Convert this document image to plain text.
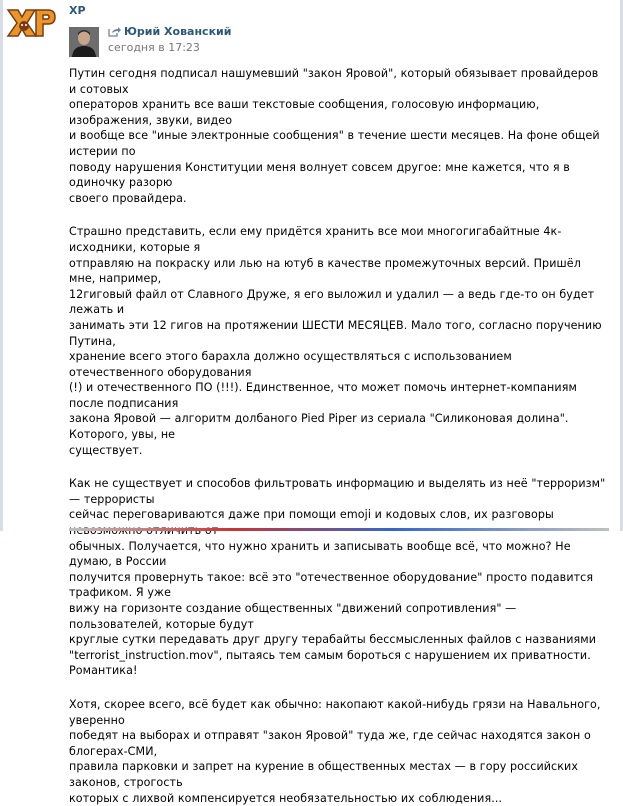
XP
Юрий Хованский
сегодня в 17:23

Путин сегодня подписал нашумевший "закон Яровой", который обязывает провайдеров и сотовых
операторов хранить все ваши текстовые сообщения, голосовую информацию, изображения, звуки, видео
и вообще все "иные электронные сообщения" в течение шести месяцев. На фоне общей истерии по
поводу нарушения Конституции меня волнует совсем другое: мне кажется, что я в одиночку разорю
своего провайдера.

Страшно представить, если ему придётся хранить все мои многогигабайтные 4к-исходники, которые я
отправляю на покраску или лью на ютуб в качестве промежуточных версий. Пришёл мне, например,
12гиговый файл от Славного Друже, я его выложил и удалил — а ведь где-то он будет лежать и
занимать эти 12 гигов на протяжении ШЕСТИ МЕСЯЦЕВ. Мало того, согласно поручению Путина,
хранение всего этого барахла должно осуществляться с использованием отечественного оборудования
(!) и отечественного ПО (!!!). Единственное, что может помочь интернет-компаниям после подписания
закона Яровой — алгоритм долбаного Pied Piper из сериала "Силиконовая долина". Которого, увы, не
существует.

Как не существует и способов фильтровать информацию и выделять из неё "терроризм" — террористы
сейчас переговариваются даже при помощи emoji и кодовых слов, их разговоры
обычных. Получается, что нужно хранить и записывать вообще всё, что можно? Не думаю, в России
получится провернуть такое: всё это "отечественное оборудование" просто подавится трафиком. Я уже
вижу на горизонте создание общественных "движений сопротивления" — пользователей, которые будут
круглые сутки передавать друг другу терабайты бессмысленных файлов с названиями
"terrorist_instruction.mov", пытаясь тем самым бороться с нарушением их приватности. Романтика!

Хотя, скорее всего, всё будет как обычно: накопают какой-нибудь грязи на Навального, уверенно
победят на выборах и отправят "закон Яровой" туда же, где сейчас находятся закон о блогерах-СМИ,
правила парковки и запрет на курение в общественных местах — в гору российских законов, строгость
которых с лихвой компенсируется необязательностью их соблюдения...
